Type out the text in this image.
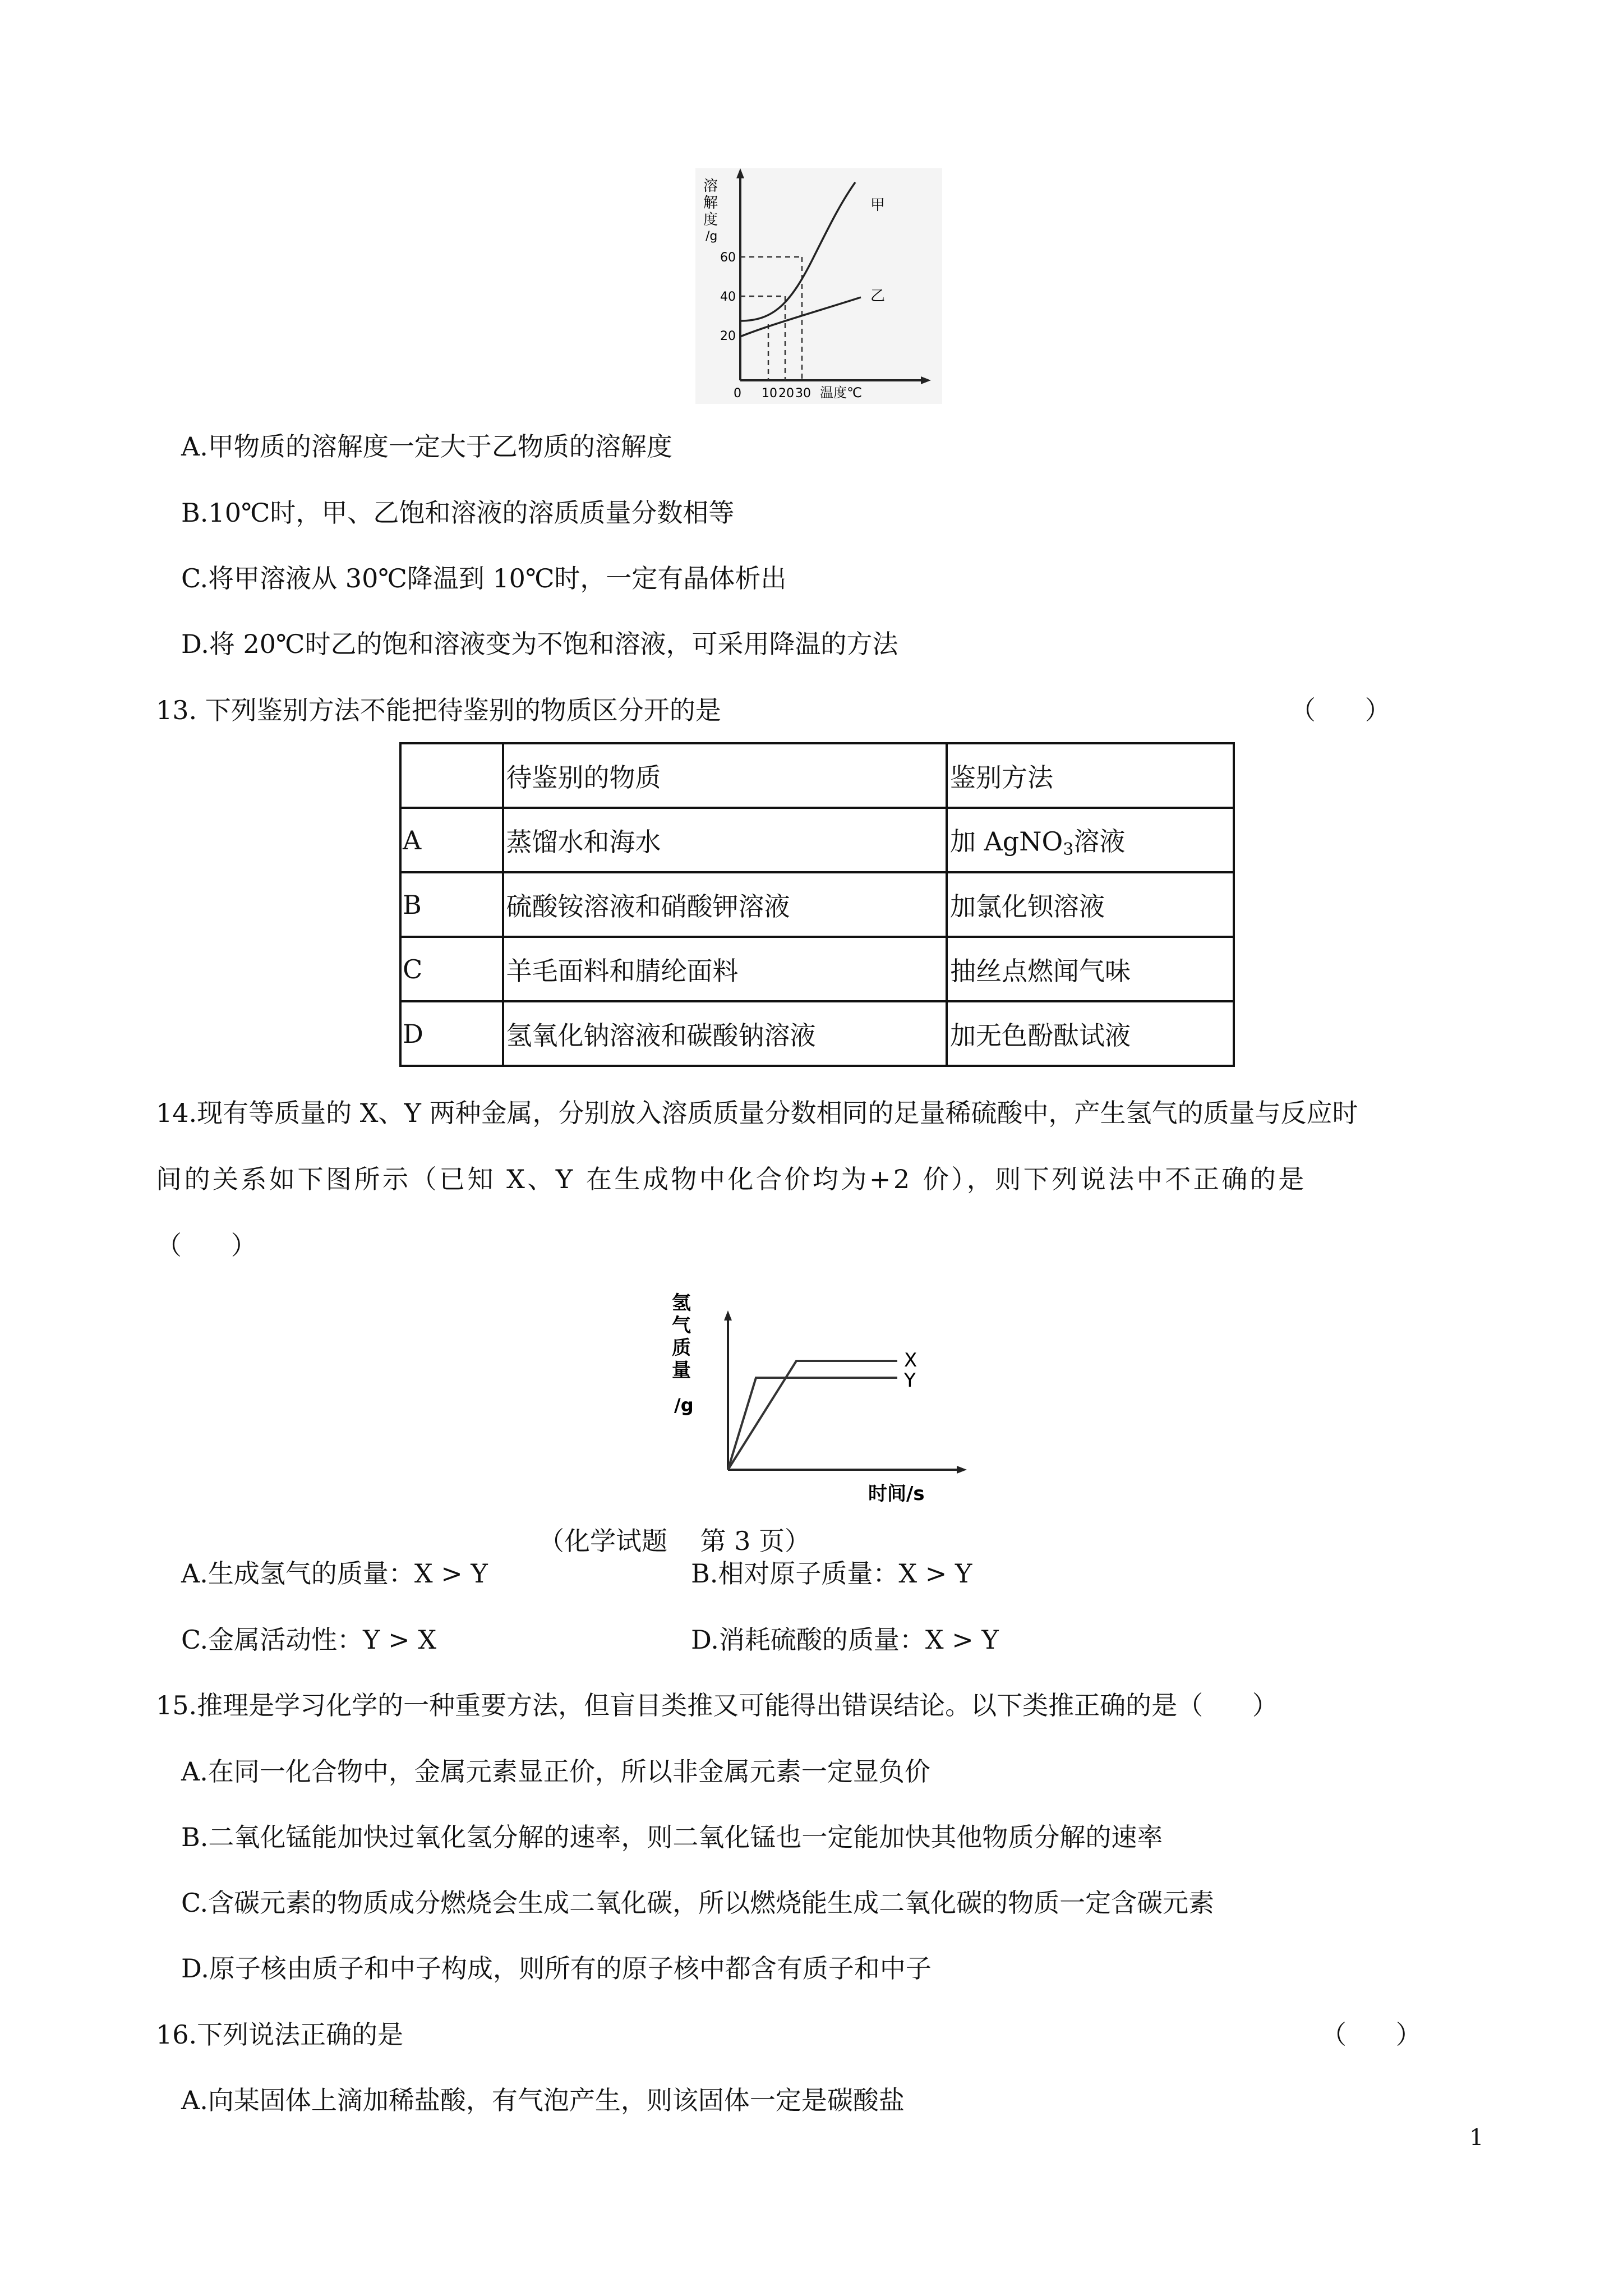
溶
解
度
/g
60
40
20
0 10 20 30 温度℃
甲
乙
A.甲物质的溶解度一定大于乙物质的溶解度
B.10℃时，甲、乙饱和溶液的溶质质量分数相等
C.将甲溶液从 30℃降温到 10℃时，一定有晶体析出
D.将 20℃时乙的饱和溶液变为不饱和溶液，可采用降温的方法
13. 下列鉴别方法不能把待鉴别的物质区分开的是	（      ）
	待鉴别的物质	鉴别方法
A	蒸馏水和海水	加 AgNO$_3$溶液
B	硫酸铵溶液和硝酸钾溶液	加氯化钡溶液
C	羊毛面料和腈纶面料	抽丝点燃闻气味
D	氢氧化钠溶液和碳酸钠溶液	加无色酚酞试液
14.现有等质量的 X、Y 两种金属，分别放入溶质质量分数相同的足量稀硫酸中，产生氢气的质量与反应时
间的关系如下图所示（已知 X、Y 在生成物中化合价均为+2 价），则下列说法中不正确的是
（      ）
氢
气
质
量
/g
X
Y
时间/s
（化学试题    第 3 页）
A.生成氢气的质量：X > Y	B.相对原子质量：X > Y
C.金属活动性：Y > X	D.消耗硫酸的质量：X > Y
15.推理是学习化学的一种重要方法，但盲目类推又可能得出错误结论。以下类推正确的是（      ）
A.在同一化合物中，金属元素显正价，所以非金属元素一定显负价
B.二氧化锰能加快过氧化氢分解的速率，则二氧化锰也一定能加快其他物质分解的速率
C.含碳元素的物质成分燃烧会生成二氧化碳，所以燃烧能生成二氧化碳的物质一定含碳元素
D.原子核由质子和中子构成，则所有的原子核中都含有质子和中子
16.下列说法正确的是	（      ）
A.向某固体上滴加稀盐酸，有气泡产生，则该固体一定是碳酸盐
1
